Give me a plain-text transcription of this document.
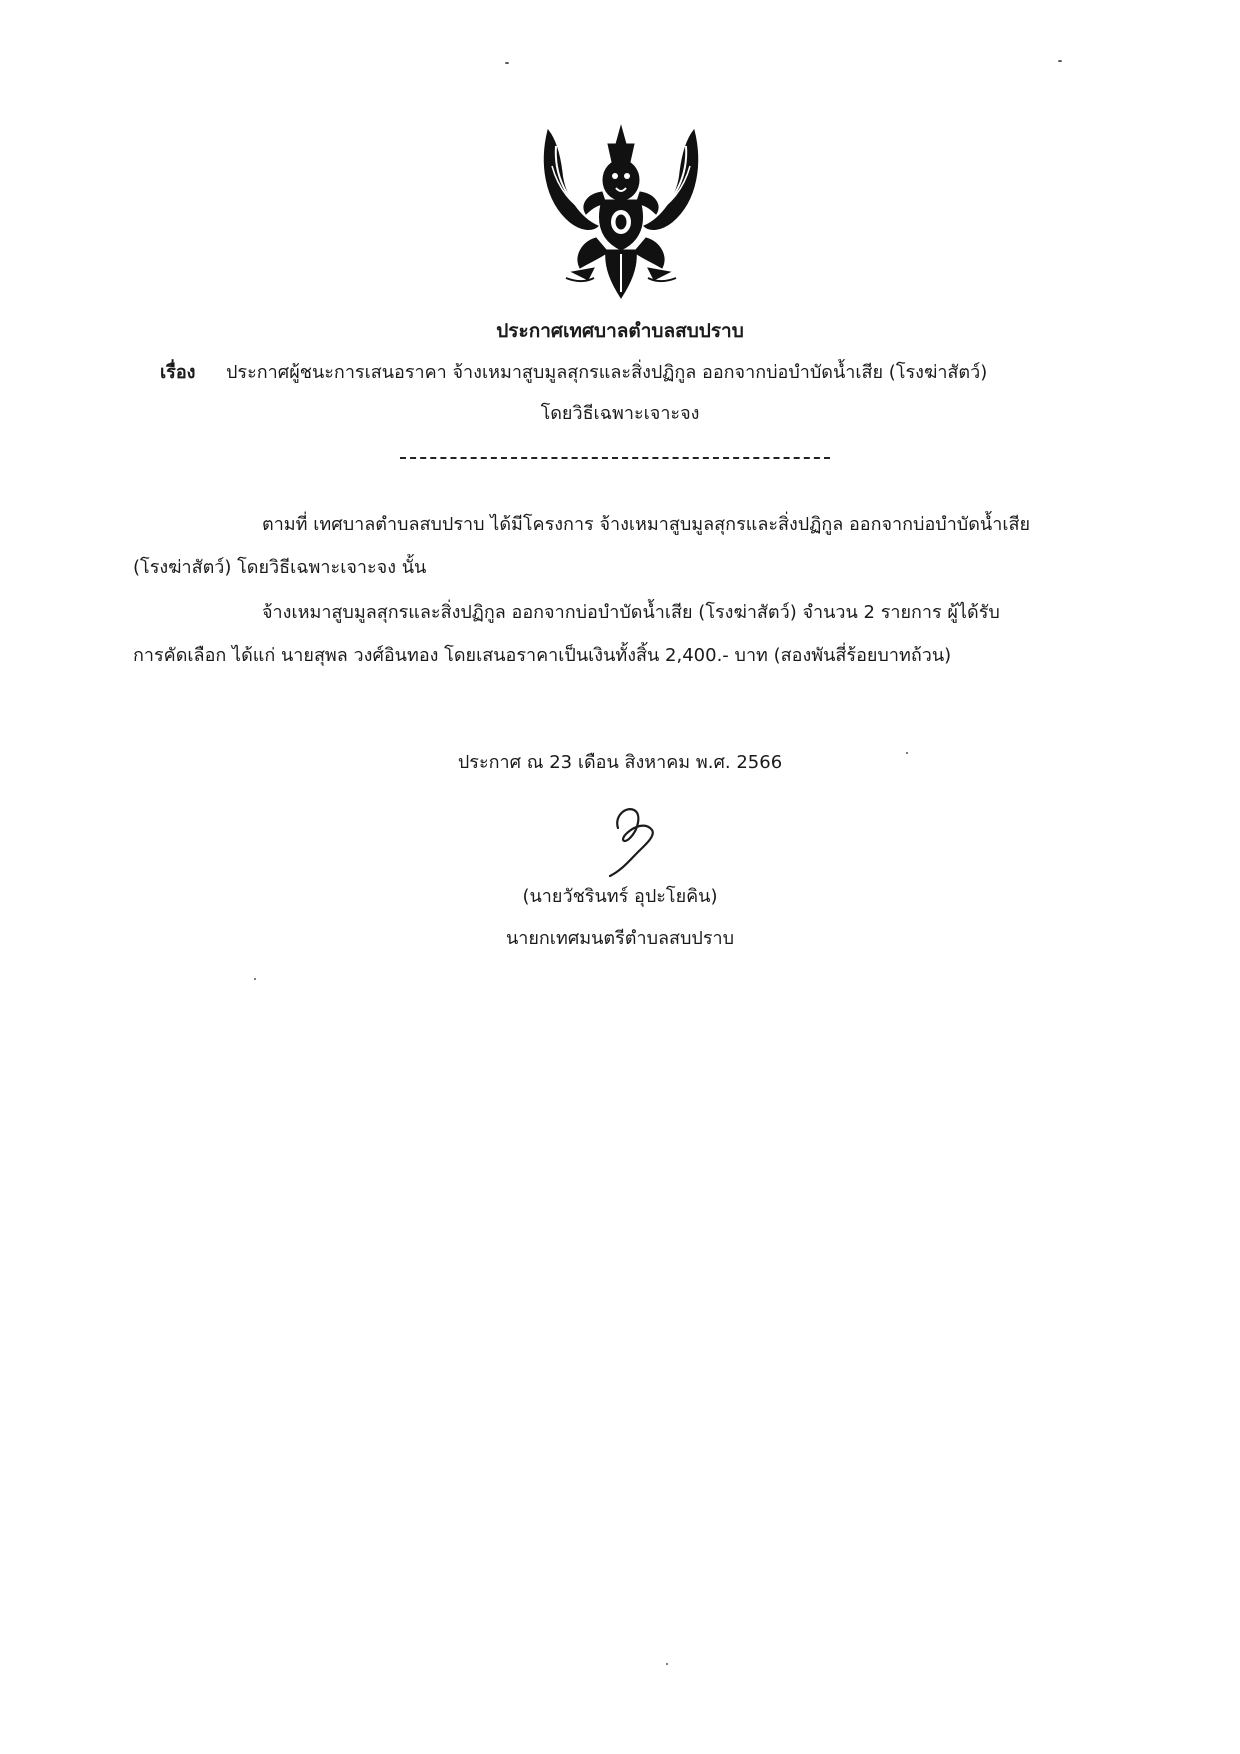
ประกาศเทศบาลตำบลสบปราบ
เรื่อง ประกาศผู้ชนะการเสนอราคา จ้างเหมาสูบมูลสุกรและสิ่งปฏิกูล ออกจากบ่อบำบัดน้ำเสีย (โรงฆ่าสัตว์)
โดยวิธีเฉพาะเจาะจง
ตามที่ เทศบาลตำบลสบปราบ ได้มีโครงการ จ้างเหมาสูบมูลสุกรและสิ่งปฏิกูล ออกจากบ่อบำบัดน้ำเสีย
(โรงฆ่าสัตว์) โดยวิธีเฉพาะเจาะจง นั้น
จ้างเหมาสูบมูลสุกรและสิ่งปฏิกูล ออกจากบ่อบำบัดน้ำเสีย (โรงฆ่าสัตว์) จำนวน 2 รายการ ผู้ได้รับ
การคัดเลือก ได้แก่ นายสุพล วงศ์อินทอง โดยเสนอราคาเป็นเงินทั้งสิ้น 2,400.- บาท (สองพันสี่ร้อยบาทถ้วน)
ประกาศ ณ 23 เดือน สิงหาคม พ.ศ. 2566
(นายวัชรินทร์ อุปะโยคิน)
นายกเทศมนตรีตำบลสบปราบ
